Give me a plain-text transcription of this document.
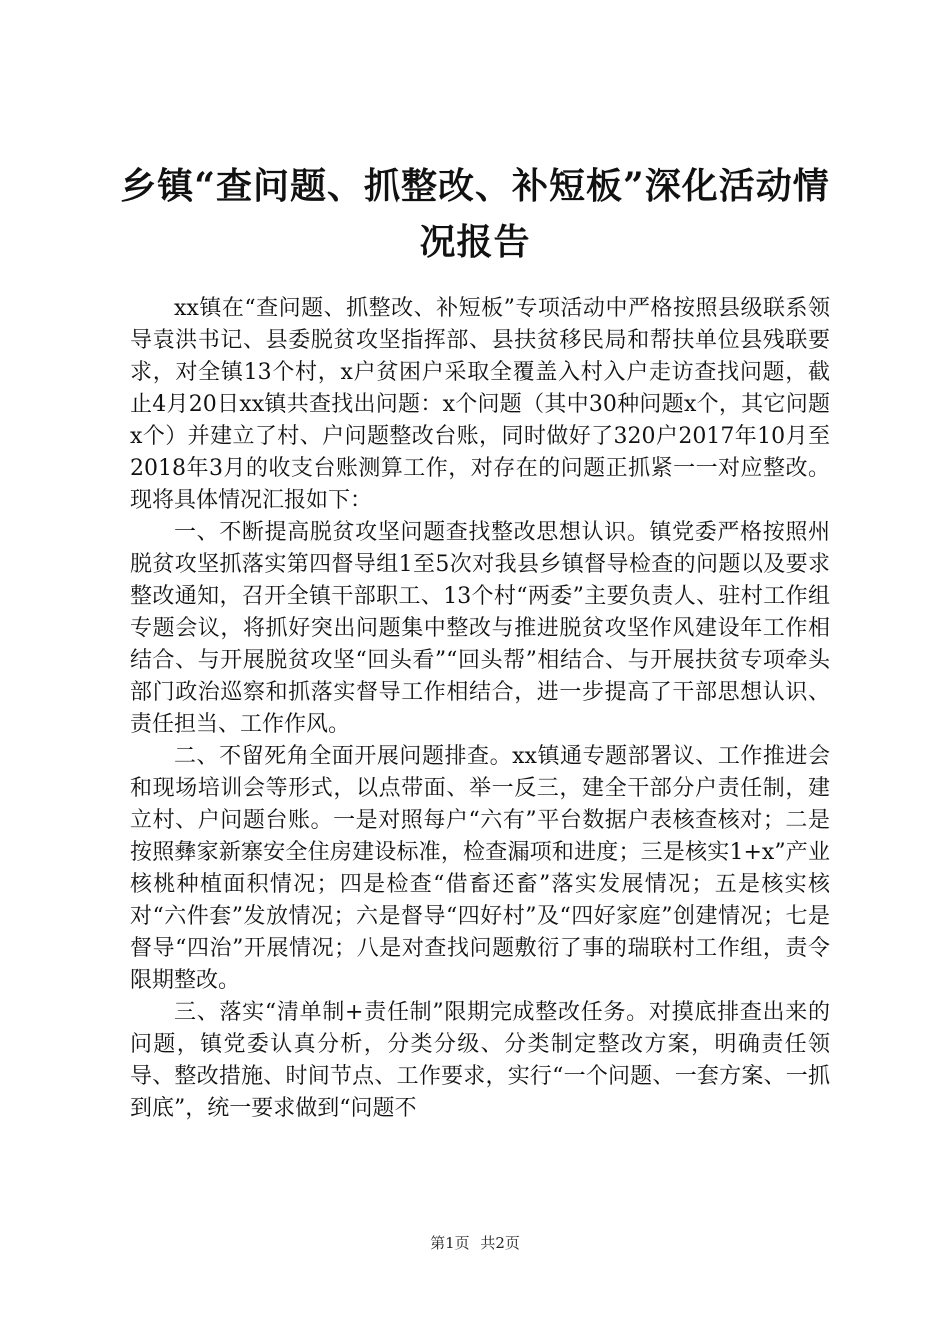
乡镇“查问题、抓整改、补短板”深化活动情况报告

xx镇在“查问题、抓整改、补短板”专项活动中严格按照县级联系领导袁洪书记、县委脱贫攻坚指挥部、县扶贫移民局和帮扶单位县残联要求，对全镇13个村，x户贫困户采取全覆盖入村入户走访查找问题，截止4月20日xx镇共查找出问题：x个问题（其中30种问题x个，其它问题x个）并建立了村、户问题整改台账，同时做好了320户2017年10月至2018年3月的收支台账测算工作，对存在的问题正抓紧一一对应整改。现将具体情况汇报如下：

一、不断提高脱贫攻坚问题查找整改思想认识。镇党委严格按照州脱贫攻坚抓落实第四督导组1至5次对我县乡镇督导检查的问题以及要求整改通知，召开全镇干部职工、13个村“两委”主要负责人、驻村工作组专题会议，将抓好突出问题集中整改与推进脱贫攻坚作风建设年工作相结合、与开展脱贫攻坚“回头看”“回头帮”相结合、与开展扶贫专项牵头部门政治巡察和抓落实督导工作相结合，进一步提高了干部思想认识、责任担当、工作作风。

二、不留死角全面开展问题排查。xx镇通专题部署议、工作推进会和现场培训会等形式，以点带面、举一反三，建全干部分户责任制，建立村、户问题台账。一是对照每户“六有”平台数据户表核查核对；二是按照彝家新寨安全住房建设标准，检查漏项和进度；三是核实1+x”产业核桃种植面积情况；四是检查“借畜还畜”落实发展情况；五是核实核对“六件套”发放情况；六是督导“四好村”及“四好家庭”创建情况；七是督导“四治”开展情况；八是对查找问题敷衍了事的瑞联村工作组，责令限期整改。

三、落实“清单制+责任制”限期完成整改任务。对摸底排查出来的问题，镇党委认真分析，分类分级、分类制定整改方案，明确责任领导、整改措施、时间节点、工作要求，实行“一个问题、一套方案、一抓到底”，统一要求做到“问题不

第1页 共2页
